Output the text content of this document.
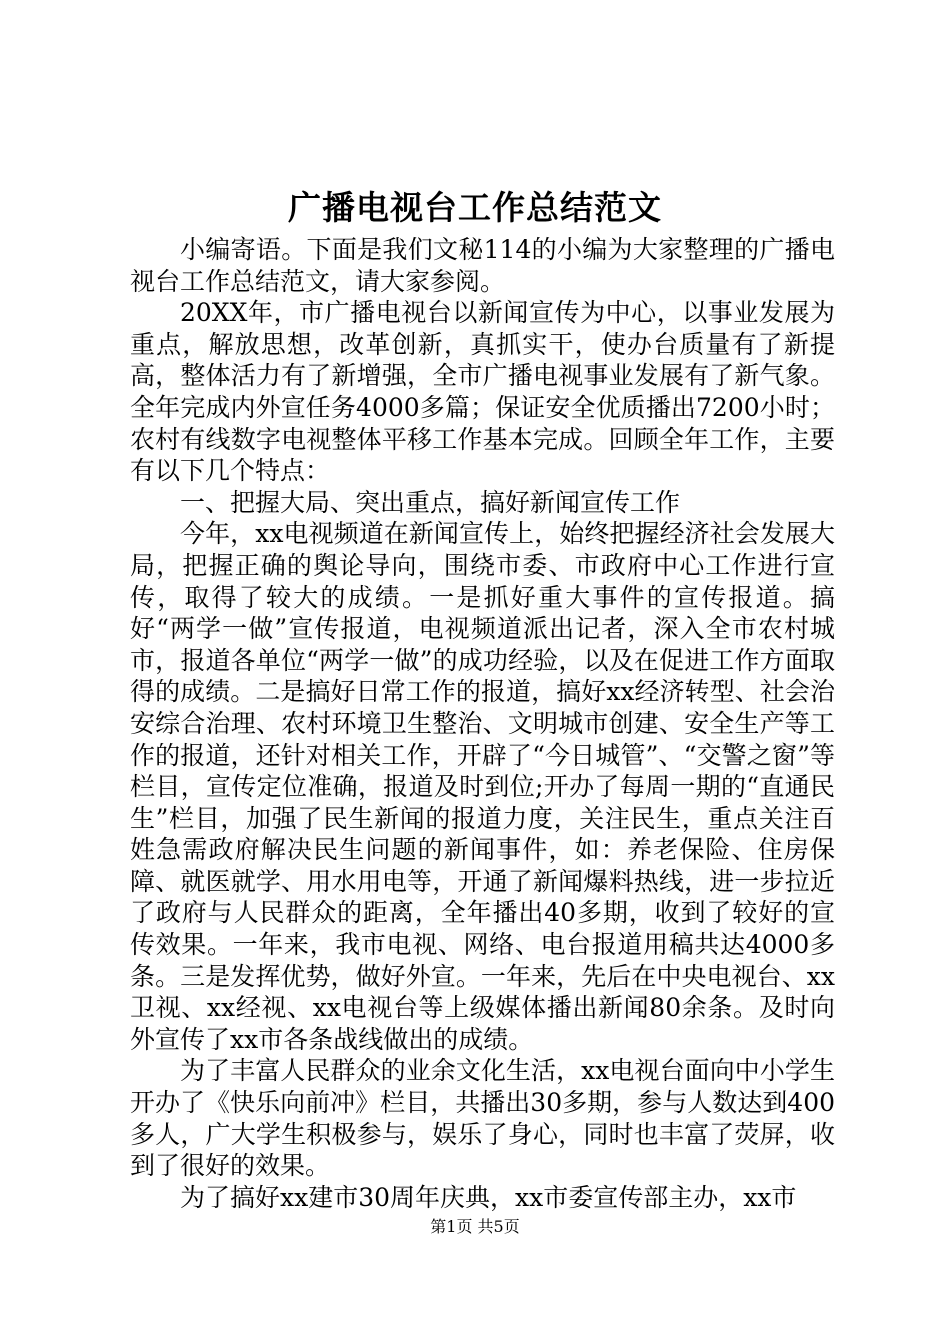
广播电视台工作总结范文

小编寄语。下面是我们文秘114的小编为大家整理的广播电视台工作总结范文，请大家参阅。

20XX年，市广播电视台以新闻宣传为中心，以事业发展为重点，解放思想，改革创新，真抓实干，使办台质量有了新提高，整体活力有了新增强，全市广播电视事业发展有了新气象。全年完成内外宣任务4000多篇；保证安全优质播出7200小时；农村有线数字电视整体平移工作基本完成。回顾全年工作，主要有以下几个特点：

一、把握大局、突出重点，搞好新闻宣传工作

今年，xx电视频道在新闻宣传上，始终把握经济社会发展大局，把握正确的舆论导向，围绕市委、市政府中心工作进行宣传，取得了较大的成绩。一是抓好重大事件的宣传报道。搞好“两学一做”宣传报道，电视频道派出记者，深入全市农村城市，报道各单位“两学一做”的成功经验，以及在促进工作方面取得的成绩。二是搞好日常工作的报道，搞好xx经济转型、社会治安综合治理、农村环境卫生整治、文明城市创建、安全生产等工作的报道，还针对相关工作，开辟了“今日城管”、“交警之窗”等栏目，宣传定位准确，报道及时到位;开办了每周一期的“直通民生”栏目，加强了民生新闻的报道力度，关注民生，重点关注百姓急需政府解决民生问题的新闻事件，如：养老保险、住房保障、就医就学、用水用电等，开通了新闻爆料热线，进一步拉近了政府与人民群众的距离，全年播出40多期，收到了较好的宣传效果。一年来，我市电视、网络、电台报道用稿共达4000多条。三是发挥优势，做好外宣。一年来，先后在中央电视台、xx卫视、xx经视、xx电视台等上级媒体播出新闻80余条。及时向外宣传了xx市各条战线做出的成绩。

为了丰富人民群众的业余文化生活，xx电视台面向中小学生开办了《快乐向前冲》栏目，共播出30多期，参与人数达到400多人，广大学生积极参与，娱乐了身心，同时也丰富了荧屏，收到了很好的效果。

为了搞好xx建市30周年庆典，xx市委宣传部主办，xx市

第1页 共5页
